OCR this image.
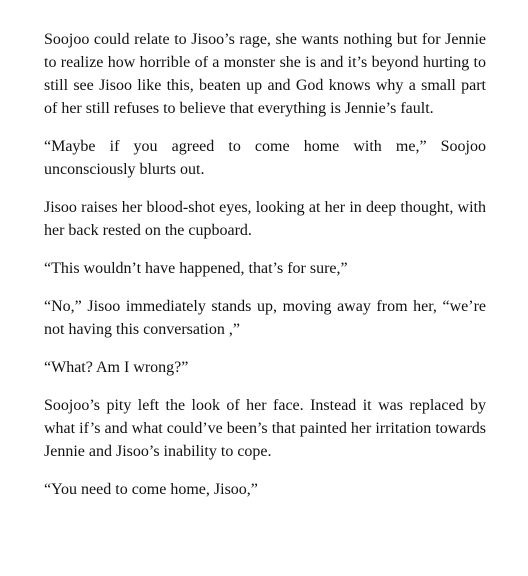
Soojoo could relate to Jisoo’s rage, she wants nothing but for Jennie to realize how horrible of a monster she is and it’s beyond hurting to still see Jisoo like this, beaten up and God knows why a small part of her still refuses to believe that everything is Jennie’s fault.

“Maybe if you agreed to come home with me,” Soojoo unconsciously blurts out.

Jisoo raises her blood-shot eyes, looking at her in deep thought, with her back rested on the cupboard.

“This wouldn’t have happened, that’s for sure,”

“No,” Jisoo immediately stands up, moving away from her, “we’re not having this conversation ,”

“What? Am I wrong?”

Soojoo’s pity left the look of her face. Instead it was replaced by what if’s and what could’ve been’s that painted her irritation towards Jennie and Jisoo’s inability to cope.

“You need to come home, Jisoo,”
